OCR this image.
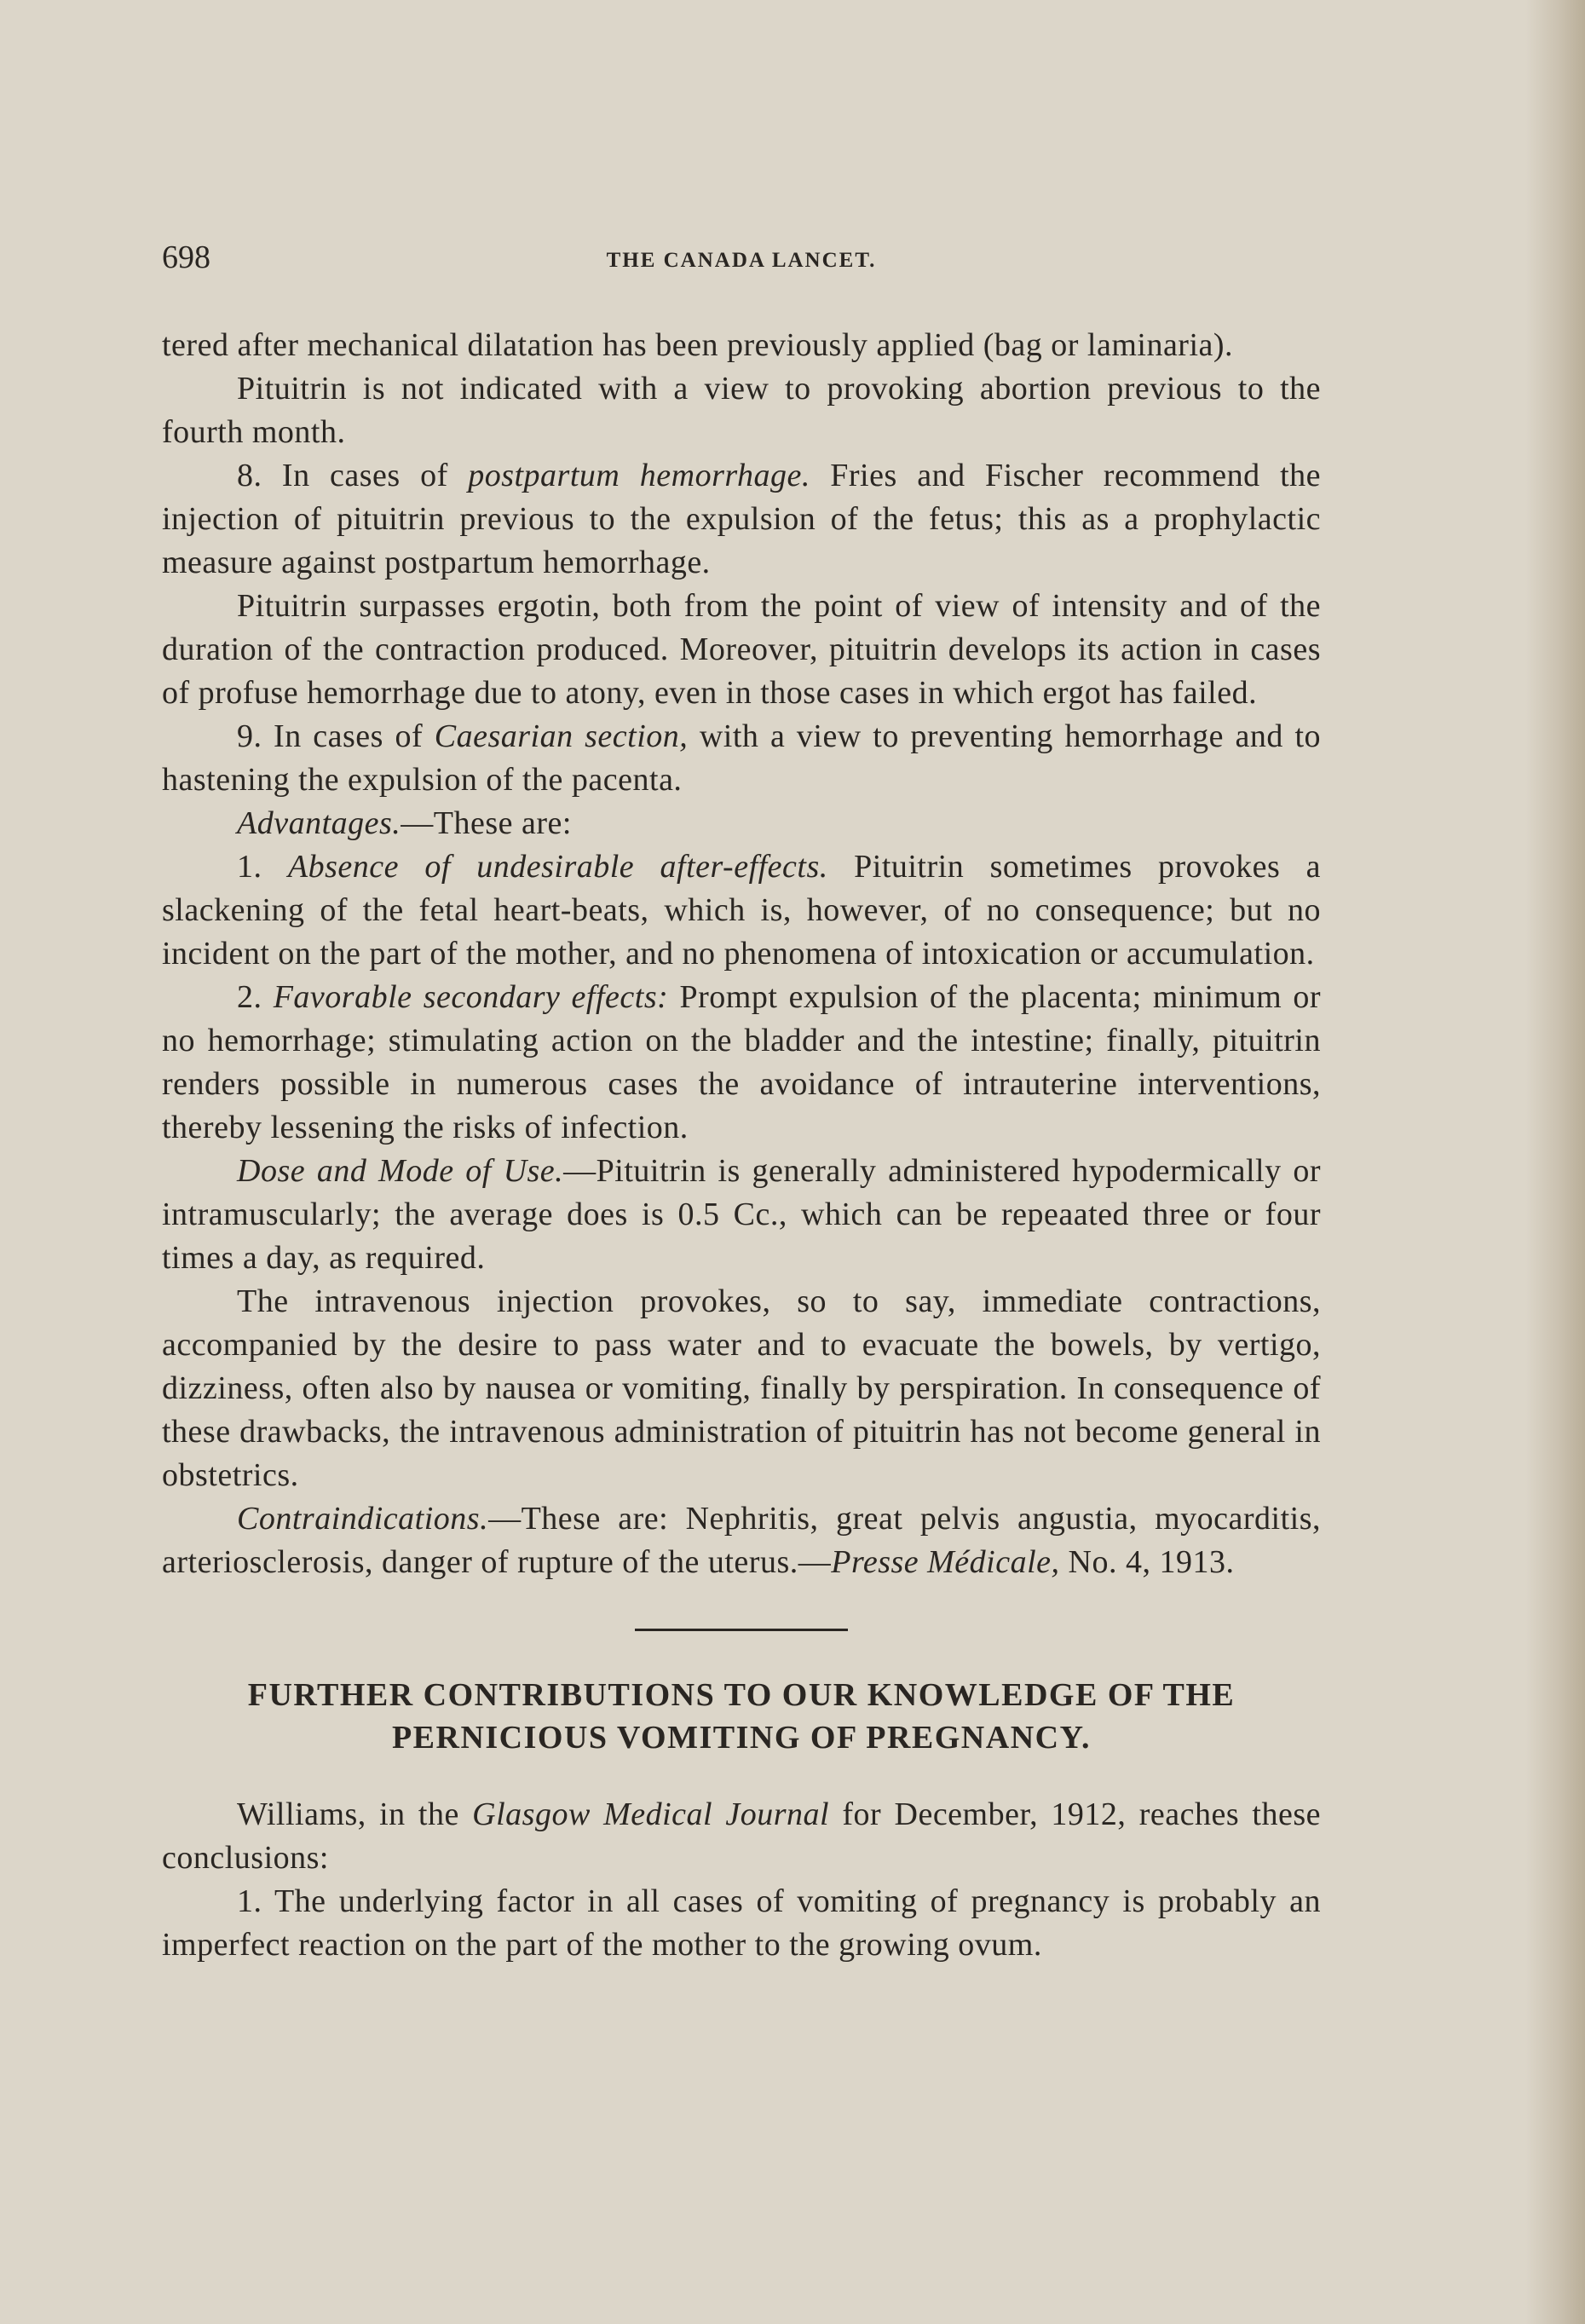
698	THE CANADA LANCET.

tered after mechanical dilatation has been previously applied (bag or laminaria).

Pituitrin is not indicated with a view to provoking abortion previous to the fourth month.

8. In cases of postpartum hemorrhage. Fries and Fischer recommend the injection of pituitrin previous to the expulsion of the fetus; this as a prophylactic measure against postpartum hemorrhage.

Pituitrin surpasses ergotin, both from the point of view of intensity and of the duration of the contraction produced. Moreover, pituitrin develops its action in cases of profuse hemorrhage due to atony, even in those cases in which ergot has failed.

9. In cases of Caesarian section, with a view to preventing hemorrhage and to hastening the expulsion of the pacenta.

Advantages.—These are:

1. Absence of undesirable after-effects. Pituitrin sometimes provokes a slackening of the fetal heart-beats, which is, however, of no consequence; but no incident on the part of the mother, and no phenomena of intoxication or accumulation.

2. Favorable secondary effects: Prompt expulsion of the placenta; minimum or no hemorrhage; stimulating action on the bladder and the intestine; finally, pituitrin renders possible in numerous cases the avoidance of intrauterine interventions, thereby lessening the risks of infection.

Dose and Mode of Use.—Pituitrin is generally administered hypodermically or intramuscularly; the average does is 0.5 Cc., which can be repeaated three or four times a day, as required.

The intravenous injection provokes, so to say, immediate contractions, accompanied by the desire to pass water and to evacuate the bowels, by vertigo, dizziness, often also by nausea or vomiting, finally by perspiration. In consequence of these drawbacks, the intravenous administration of pituitrin has not become general in obstetrics.

Contraindications.—These are: Nephritis, great pelvis angustia, myocarditis, arteriosclerosis, danger of rupture of the uterus.—Presse Médicale, No. 4, 1913.

FURTHER CONTRIBUTIONS TO OUR KNOWLEDGE OF THE PERNICIOUS VOMITING OF PREGNANCY.

Williams, in the Glasgow Medical Journal for December, 1912, reaches these conclusions:

1. The underlying factor in all cases of vomiting of pregnancy is probably an imperfect reaction on the part of the mother to the growing ovum.
